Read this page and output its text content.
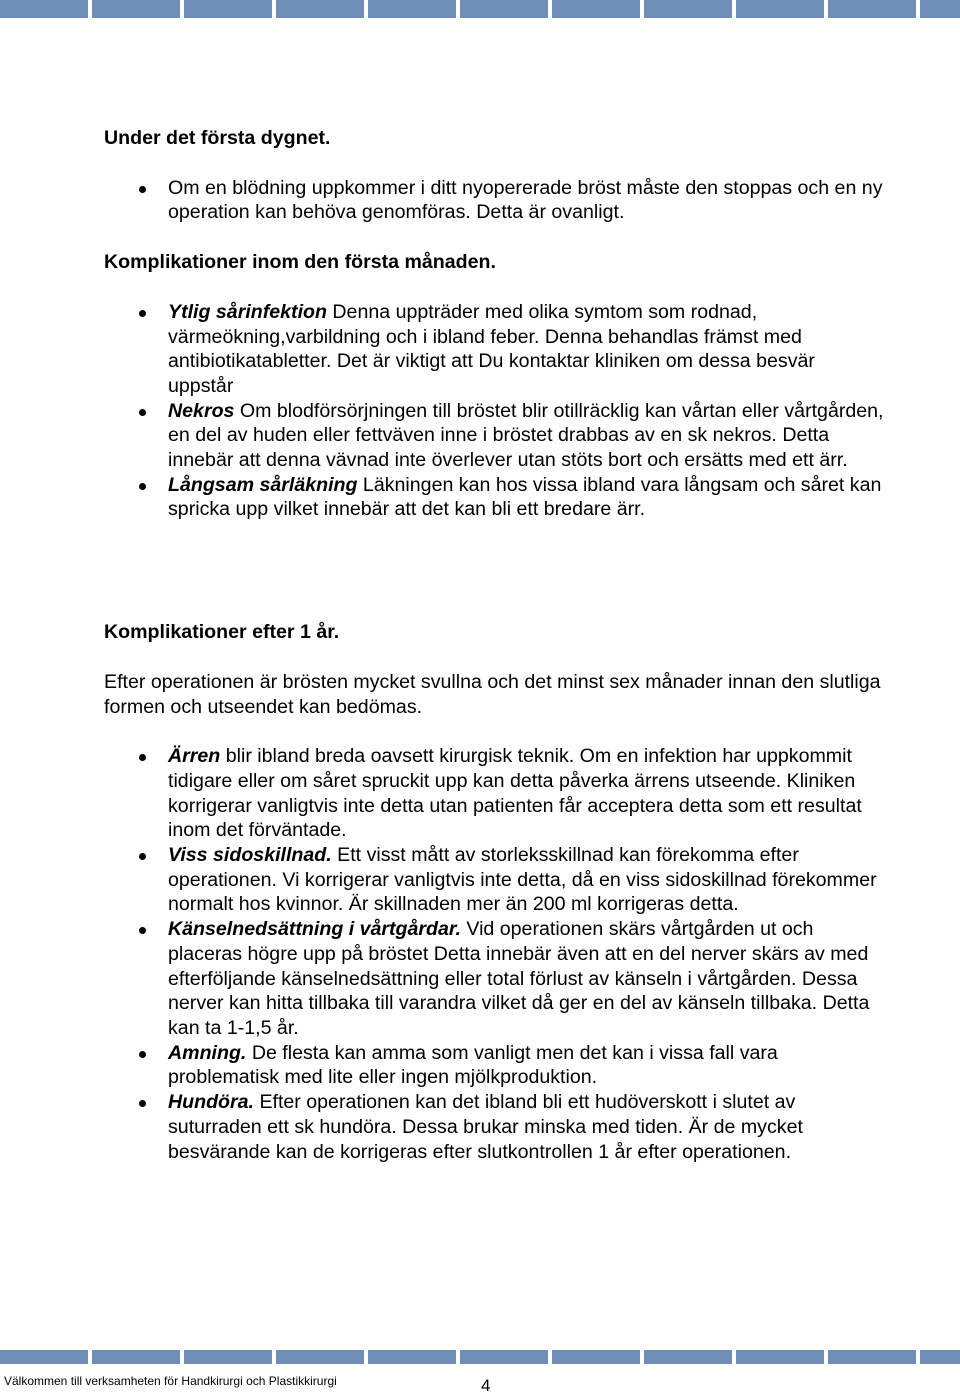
Under det första dygnet.

Om en blödning uppkommer i ditt nyopererade bröst måste den stoppas och en ny operation kan behöva genomföras. Detta är ovanligt.

Komplikationer inom den första månaden.

Ytlig sårinfektion Denna uppträder med olika symtom som rodnad, värmeökning,varbildning och i ibland feber. Denna behandlas främst med antibiotikatabletter. Det är viktigt att Du kontaktar kliniken om dessa besvär uppstår
Nekros Om blodförsörjningen till bröstet blir otillräcklig kan vårtan eller vårtgården, en del av huden eller fettväven inne i bröstet drabbas av en sk nekros. Detta innebär att denna vävnad inte överlever utan stöts bort och ersätts med ett ärr.
Långsam sårläkning Läkningen kan hos vissa ibland vara långsam och såret kan spricka upp vilket innebär att det kan bli ett bredare ärr.

Komplikationer efter 1 år.

Efter operationen är brösten mycket svullna och det minst sex månader innan den slutliga formen och utseendet kan bedömas.

Ärren blir ibland breda oavsett kirurgisk teknik. Om en infektion har uppkommit tidigare eller om såret spruckit upp kan detta påverka ärrens utseende. Kliniken korrigerar vanligtvis inte detta utan patienten får acceptera detta som ett resultat inom det förväntade.
Viss sidoskillnad. Ett visst mått av storleksskillnad kan förekomma efter operationen. Vi korrigerar vanligtvis inte detta, då en viss sidoskillnad förekommer normalt hos kvinnor. Är skillnaden mer än 200 ml korrigeras detta.
Känselnedsättning i vårtgårdar. Vid operationen skärs vårtgården ut och placeras högre upp på bröstet Detta innebär även att en del nerver skärs av med efterföljande känselnedsättning eller total förlust av känseln i vårtgården. Dessa nerver kan hitta tillbaka till varandra vilket då ger en del av känseln tillbaka. Detta kan ta 1-1,5 år.
Amning. De flesta kan amma som vanligt men det kan i vissa fall vara problematisk med lite eller ingen mjölkproduktion.
Hundöra. Efter operationen kan det ibland bli ett hudöverskott i slutet av suturraden ett sk hundöra. Dessa brukar minska med tiden. Är de mycket besvärande kan de korrigeras efter slutkontrollen 1 år efter operationen.
Välkommen till verksamheten för Handkirurgi och Plastikkirurgi	4
